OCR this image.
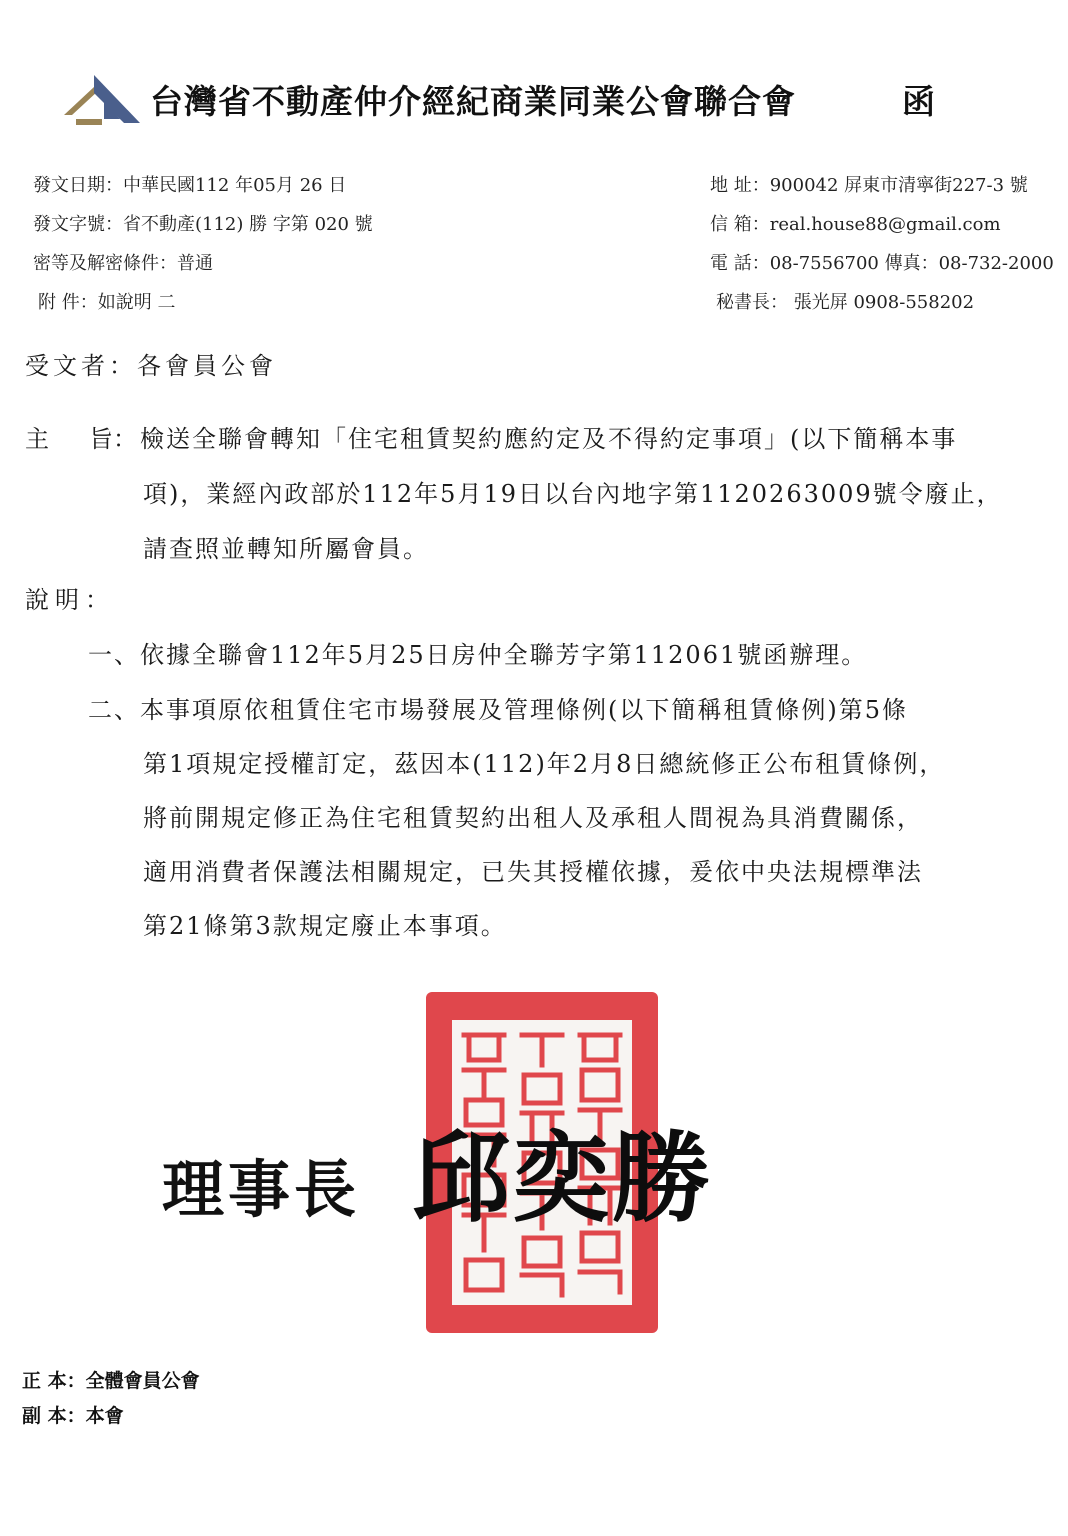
台灣省不動產仲介經紀商業同業公會聯合會	函
發文日期：中華民國112 年05月 26 日
發文字號：省不動產(112) 勝 字第 020 號
密等及解密條件：普通
附 件：如說明 二
地 址：900042 屏東市清寧街227-3 號
信 箱：real.house88@gmail.com
電 話：08-7556700 傳真：08-732-2000
秘書長： 張光屏 0908-558202
受文者：各會員公會
主 旨： 檢送全聯會轉知「住宅租賃契約應約定及不得約定事項」(以下簡稱本事
項)，業經內政部於112年5月19日以台內地字第1120263009號令廢止，
請查照並轉知所屬會員。
說明：
一、依據全聯會112年5月25日房仲全聯芳字第112061號函辦理。
二、本事項原依租賃住宅市場發展及管理條例(以下簡稱租賃條例)第5條
第1項規定授權訂定，茲因本(112)年2月8日總統修正公布租賃條例，
將前開規定修正為住宅租賃契約出租人及承租人間視為具消費關係，
適用消費者保護法相關規定，已失其授權依據，爰依中央法規標準法
第21條第3款規定廢止本事項。
理事長 邱奕勝
正 本：全體會員公會
副 本：本會
